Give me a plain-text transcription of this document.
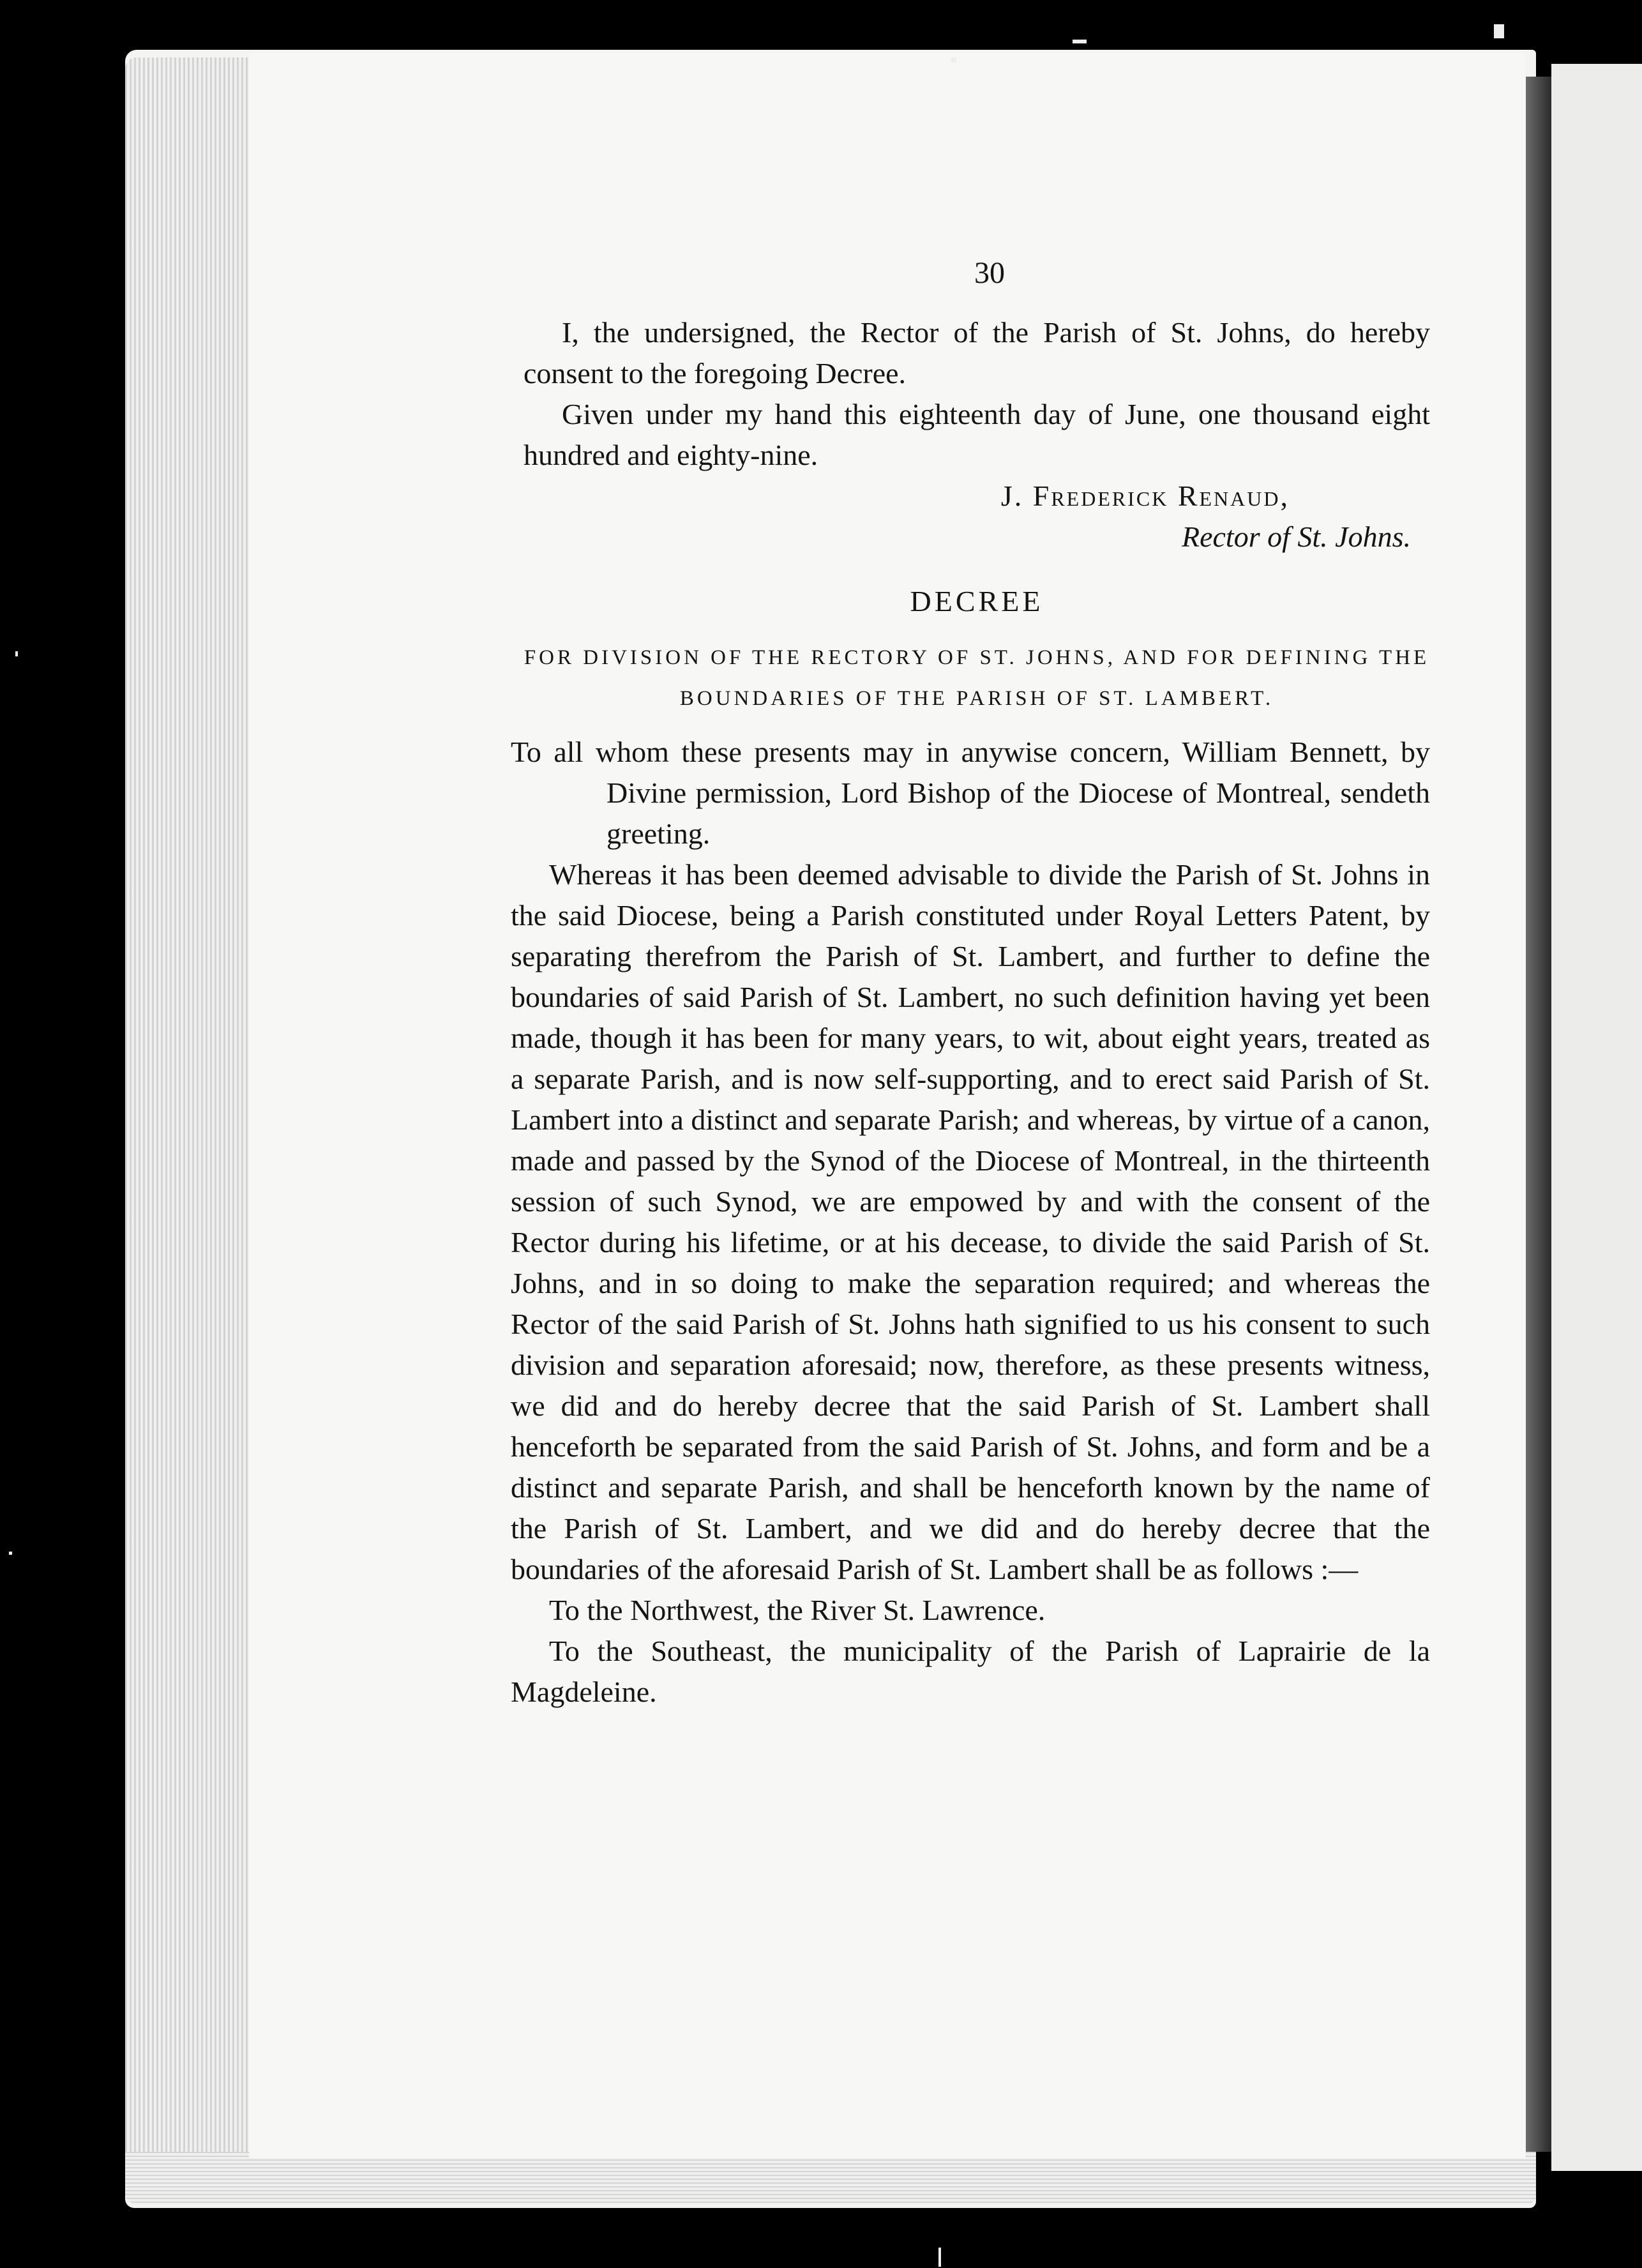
30

I, the undersigned, the Rector of the Parish of St. Johns, do hereby consent to the foregoing Decree.

Given under my hand this eighteenth day of June, one thousand eight hundred and eighty-nine.

J. Frederick Renaud,

Rector of St. Johns.

DECREE
FOR DIVISION OF THE RECTORY OF ST. JOHNS, AND FOR DEFINING THE BOUNDARIES OF THE PARISH OF ST. LAMBERT.

To all whom these presents may in anywise concern, William Bennett, by Divine permission, Lord Bishop of the Diocese of Montreal, sendeth greeting.

Whereas it has been deemed advisable to divide the Parish of St. Johns in the said Diocese, being a Parish constituted under Royal Letters Patent, by separating therefrom the Parish of St. Lambert, and further to define the boundaries of said Parish of St. Lambert, no such definition having yet been made, though it has been for many years, to wit, about eight years, treated as a separate Parish, and is now self-supporting, and to erect said Parish of St. Lambert into a distinct and separate Parish; and whereas, by virtue of a canon, made and passed by the Synod of the Diocese of Montreal, in the thirteenth session of such Synod, we are empowed by and with the consent of the Rector during his lifetime, or at his decease, to divide the said Parish of St. Johns, and in so doing to make the separation required; and whereas the Rector of the said Parish of St. Johns hath signified to us his consent to such division and separation aforesaid; now, therefore, as these presents witness, we did and do hereby decree that the said Parish of St. Lambert shall henceforth be separated from the said Parish of St. Johns, and form and be a distinct and separate Parish, and shall be henceforth known by the name of the Parish of St. Lambert, and we did and do hereby decree that the boundaries of the aforesaid Parish of St. Lambert shall be as follows :—

To the Northwest, the River St. Lawrence.

To the Southeast, the municipality of the Parish of Laprairie de la Magdeleine.
